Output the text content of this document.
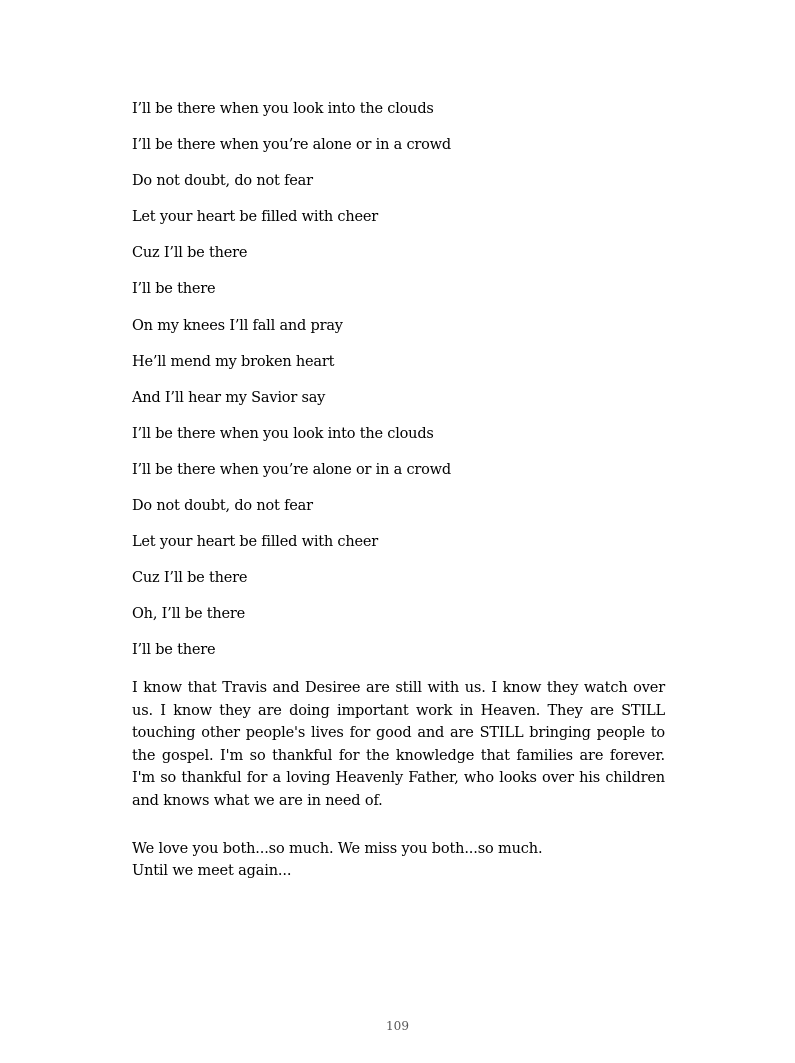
I’ll be there when you look into the clouds
I’ll be there when you’re alone or in a crowd
Do not doubt, do not fear
Let your heart be filled with cheer
Cuz I’ll be there
I’ll be there
On my knees I’ll fall and pray
He’ll mend my broken heart
And I’ll hear my Savior say
I’ll be there when you look into the clouds
I’ll be there when you’re alone or in a crowd
Do not doubt, do not fear
Let your heart be filled with cheer
Cuz I’ll be there
Oh, I’ll be there
I’ll be there
I know that Travis and Desiree are still with us. I know they watch over us. I know they are doing important work in Heaven. They are STILL touching other people's lives for good and are STILL bringing people to the gospel. I'm so thankful for the knowledge that families are forever. I'm so thankful for a loving Heavenly Father, who looks over his children and knows what we are in need of.
We love you both...so much. We miss you both...so much.
Until we meet again...
109
